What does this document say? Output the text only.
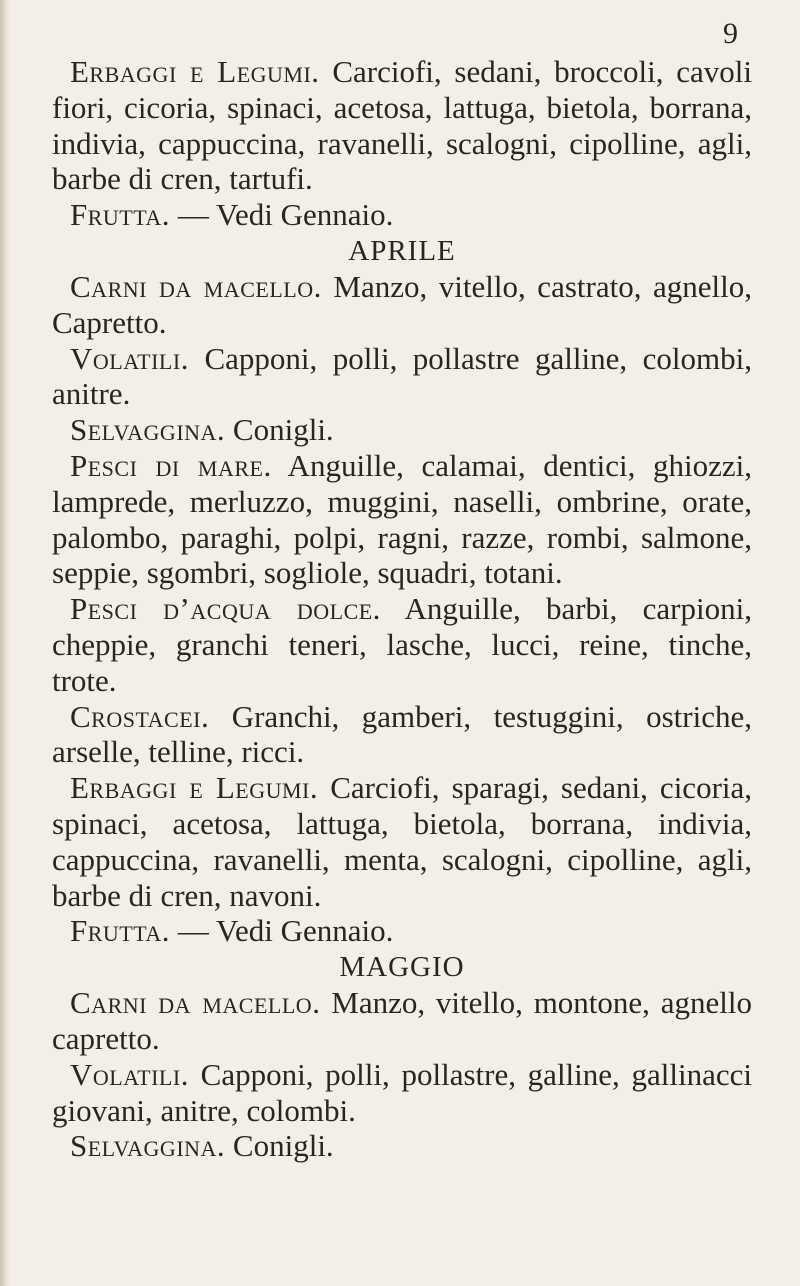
9

Erbaggi e Legumi. Carciofi, sedani, broccoli, cavoli fiori, cicoria, spinaci, acetosa, lattuga, bietola, borrana, indivia, cappuccina, ravanelli, scalogni, cipolline, agli, barbe di cren, tartufi.

Frutta. — Vedi Gennaio.

APRILE

Carni da macello. Manzo, vitello, castrato, agnello, Capretto.

Volatili. Capponi, polli, pollastre galline, colombi, anitre.

Selvaggina. Conigli.

Pesci di mare. Anguille, calamai, dentici, ghiozzi, lamprede, merluzzo, muggini, naselli, ombrine, orate, palombo, paraghi, polpi, ragni, razze, rombi, salmone, seppie, sgombri, sogliole, squadri, totani.

Pesci d’acqua dolce. Anguille, barbi, carpioni, cheppie, granchi teneri, lasche, lucci, reine, tinche, trote.

Crostacei. Granchi, gamberi, testuggini, ostriche, arselle, telline, ricci.

Erbaggi e Legumi. Carciofi, sparagi, sedani, cicoria, spinaci, acetosa, lattuga, bietola, borrana, indivia, cappuccina, ravanelli, menta, scalogni, cipolline, agli, barbe di cren, navoni.

Frutta. — Vedi Gennaio.

MAGGIO

Carni da macello. Manzo, vitello, montone, agnello capretto.

Volatili. Capponi, polli, pollastre, galline, gallinacci giovani, anitre, colombi.

Selvaggina. Conigli.
